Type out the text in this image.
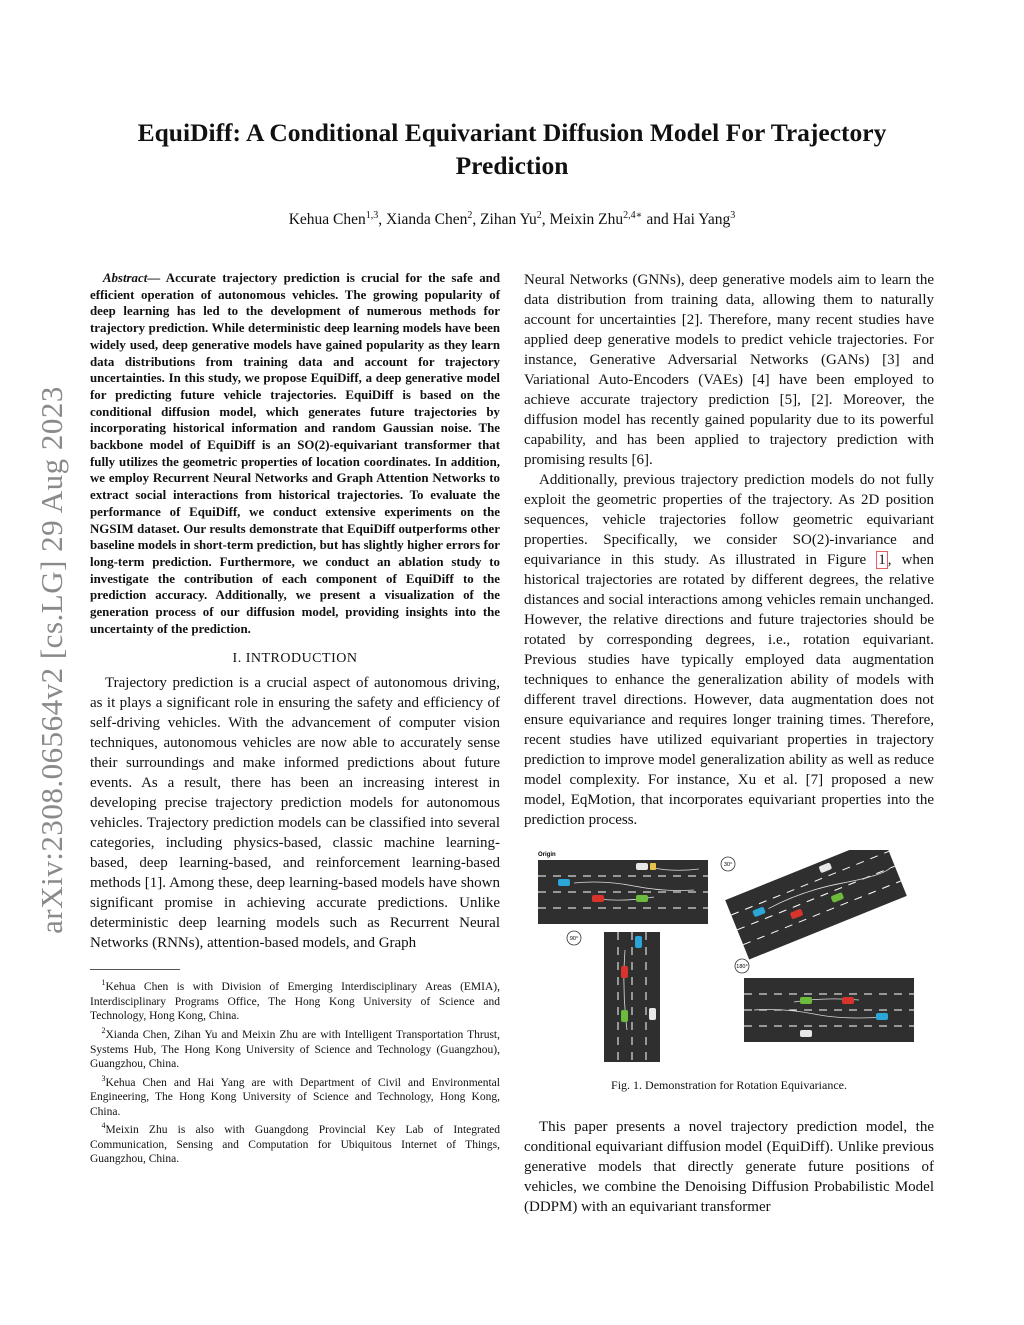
arXiv:2308.06564v2 [cs.LG] 29 Aug 2023
EquiDiff: A Conditional Equivariant Diffusion Model For Trajectory Prediction
Kehua Chen$^{1,3}$, Xianda Chen$^2$, Zihan Yu$^2$, Meixin Zhu$^{2,4∗}$ and Hai Yang$^3$

Abstract— Accurate trajectory prediction is crucial for the safe and efficient operation of autonomous vehicles. The growing popularity of deep learning has led to the development of numerous methods for trajectory prediction. While deterministic deep learning models have been widely used, deep generative models have gained popularity as they learn data distributions from training data and account for trajectory uncertainties. In this study, we propose EquiDiff, a deep generative model for predicting future vehicle trajectories. EquiDiff is based on the conditional diffusion model, which generates future trajectories by incorporating historical information and random Gaussian noise. The backbone model of EquiDiff is an SO(2)-equivariant transformer that fully utilizes the geometric properties of location coordinates. In addition, we employ Recurrent Neural Networks and Graph Attention Networks to extract social interactions from historical trajectories. To evaluate the performance of EquiDiff, we conduct extensive experiments on the NGSIM dataset. Our results demonstrate that EquiDiff outperforms other baseline models in short-term prediction, but has slightly higher errors for long-term prediction. Furthermore, we conduct an ablation study to investigate the contribution of each component of EquiDiff to the prediction accuracy. Additionally, we present a visualization of the generation process of our diffusion model, providing insights into the uncertainty of the prediction.

I. INTRODUCTION

Trajectory prediction is a crucial aspect of autonomous driving, as it plays a significant role in ensuring the safety and efficiency of self-driving vehicles. With the advancement of computer vision techniques, autonomous vehicles are now able to accurately sense their surroundings and make informed predictions about future events. As a result, there has been an increasing interest in developing precise trajectory prediction models for autonomous vehicles. Trajectory prediction models can be classified into several categories, including physics-based, classic machine learning-based, deep learning-based, and reinforcement learning-based methods [1]. Among these, deep learning-based models have shown significant promise in achieving accurate predictions. Unlike deterministic deep learning models such as Recurrent Neural Networks (RNNs), attention-based models, and Graph

$^1$Kehua Chen is with Division of Emerging Interdisciplinary Areas (EMIA), Interdisciplinary Programs Office, The Hong Kong University of Science and Technology, Hong Kong, China.

$^2$Xianda Chen, Zihan Yu and Meixin Zhu are with Intelligent Transportation Thrust, Systems Hub, The Hong Kong University of Science and Technology (Guangzhou), Guangzhou, China.

$^3$Kehua Chen and Hai Yang are with Department of Civil and Environmental Engineering, The Hong Kong University of Science and Technology, Hong Kong, China.

$^4$Meixin Zhu is also with Guangdong Provincial Key Lab of Integrated Communication, Sensing and Computation for Ubiquitous Internet of Things, Guangzhou, China.

Neural Networks (GNNs), deep generative models aim to learn the data distribution from training data, allowing them to naturally account for uncertainties [2]. Therefore, many recent studies have applied deep generative models to predict vehicle trajectories. For instance, Generative Adversarial Networks (GANs) [3] and Variational Auto-Encoders (VAEs) [4] have been employed to achieve accurate trajectory prediction [5], [2]. Moreover, the diffusion model has recently gained popularity due to its powerful capability, and has been applied to trajectory prediction with promising results [6].

Additionally, previous trajectory prediction models do not fully exploit the geometric properties of the trajectory. As 2D position sequences, vehicle trajectories follow geometric equivariant properties. Specifically, we consider SO(2)-invariance and equivariance in this study. As illustrated in Figure 1 , when historical trajectories are rotated by different degrees, the relative distances and social interactions among vehicles remain unchanged. However, the relative directions and future trajectories should be rotated by corresponding degrees, i.e., rotation equivariant. Previous studies have typically employed data augmentation techniques to enhance the generalization ability of models with different travel directions. However, data augmentation does not ensure equivariance and requires longer training times. Therefore, recent studies have utilized equivariant properties in trajectory prediction to improve model generalization ability as well as reduce model complexity. For instance, Xu et al. [7] proposed a new model, EqMotion, that incorporates equivariant properties into the prediction process.

Origin
30°
90°
180°
Fig. 1. Demonstration for Rotation Equivariance.

This paper presents a novel trajectory prediction model, the conditional equivariant diffusion model (EquiDiff). Unlike previous generative models that directly generate future positions of vehicles, we combine the Denoising Diffusion Probabilistic Model (DDPM) with an equivariant transformer
